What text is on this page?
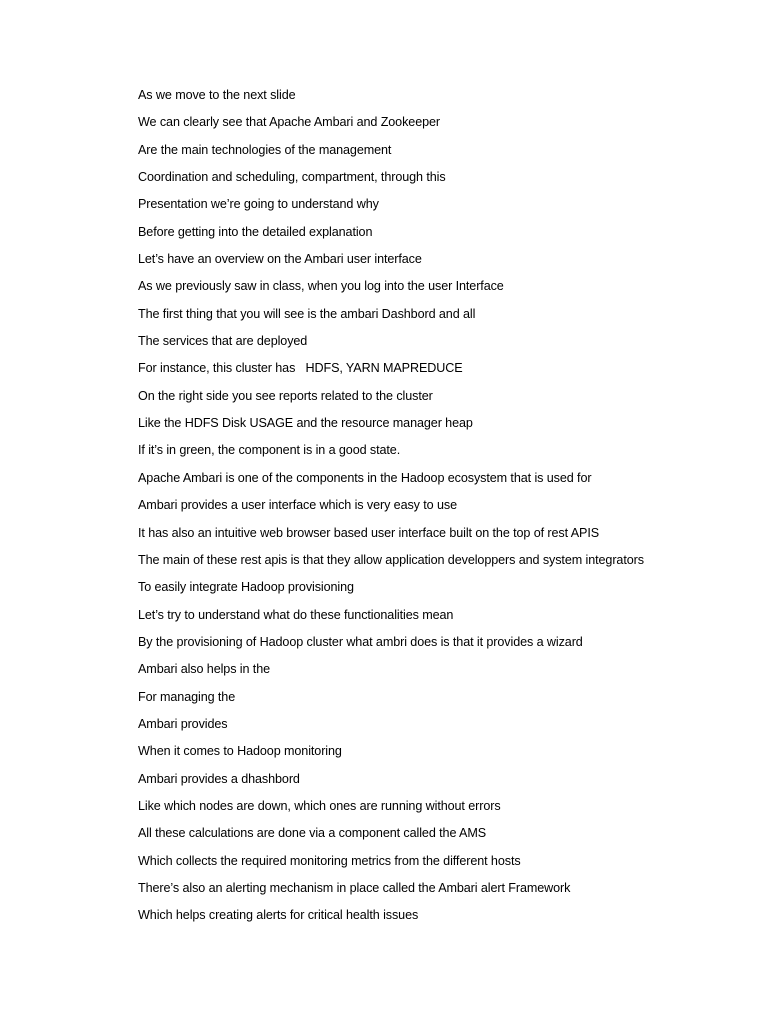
As we move to the next slide
We can clearly see that Apache Ambari and Zookeeper
Are the main technologies of the management
Coordination and scheduling, compartment, through this
Presentation we’re going to understand why
Before getting into the detailed explanation
Let’s have an overview on the Ambari user interface
As we previously saw in class, when you log into the user Interface
The first thing that you will see is the ambari Dashbord and all
The services that are deployed
For instance, this cluster has   HDFS, YARN MAPREDUCE
On the right side you see reports related to the cluster
Like the HDFS Disk USAGE and the resource manager heap
If it’s in green, the component is in a good state.
Apache Ambari is one of the components in the Hadoop ecosystem that is used for
Ambari provides a user interface which is very easy to use
It has also an intuitive web browser based user interface built on the top of rest APIS
The main of these rest apis is that they allow application developpers and system integrators
To easily integrate Hadoop provisioning
Let’s try to understand what do these functionalities mean
By the provisioning of Hadoop cluster what ambri does is that it provides a wizard
Ambari also helps in the
For managing the
Ambari provides
When it comes to Hadoop monitoring
Ambari provides a dhashbord
Like which nodes are down, which ones are running without errors
All these calculations are done via a component called the AMS
Which collects the required monitoring metrics from the different hosts
There’s also an alerting mechanism in place called the Ambari alert Framework
Which helps creating alerts for critical health issues
